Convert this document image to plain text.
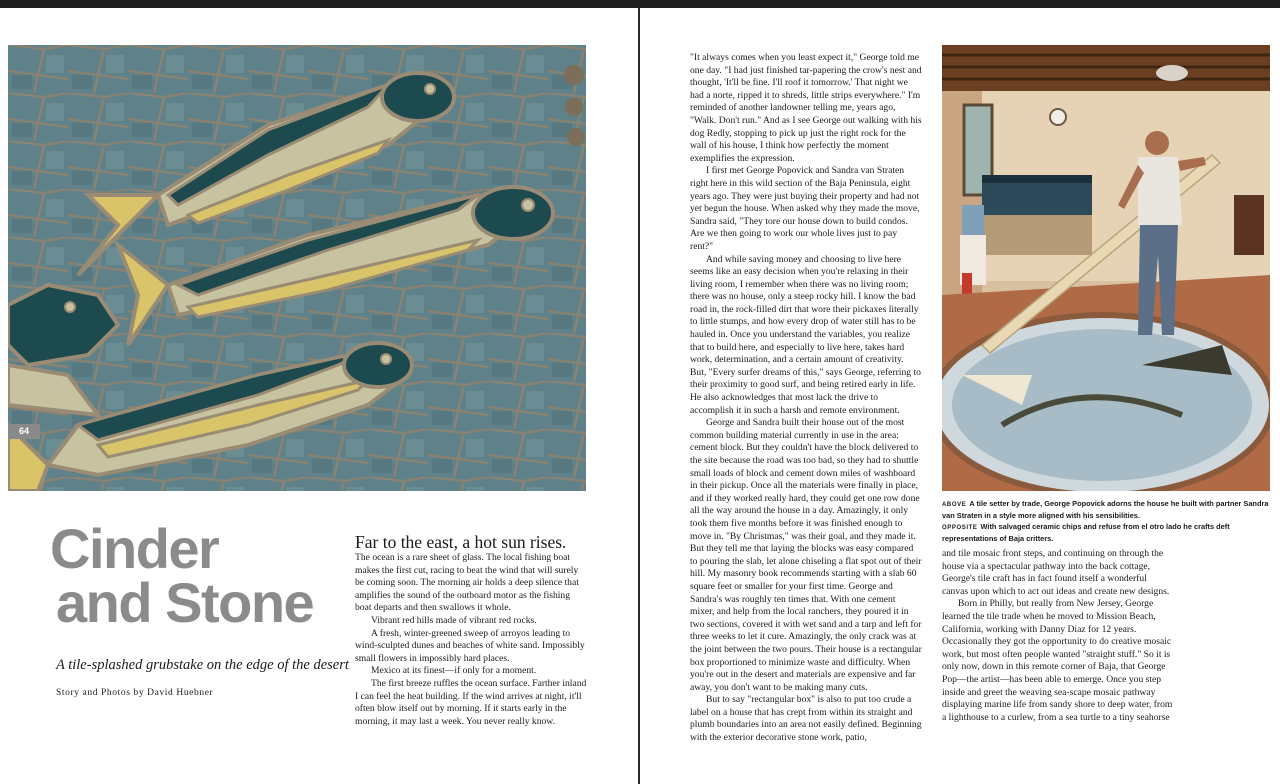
64
Cinder
and Stone

A tile-splashed grubstake on the edge of the desert

Story and Photos by David Huebner

Far to the east, a hot sun rises.

The ocean is a rare sheet of glass. The local fishing boat makes the first cut, racing to beat the wind that will surely be coming soon. The morning air holds a deep silence that amplifies the sound of the outboard motor as the fishing boat departs and then swallows it whole.

Vibrant red hills made of vibrant red rocks.

A fresh, winter-greened sweep of arroyos leading to wind-sculpted dunes and beaches of white sand. Impossibly small flowers in impossibly hard places.

Mexico at its finest—if only for a moment.

The first breeze ruffles the ocean surface. Farther inland I can feel the heat building. If the wind arrives at night, it'll often blow itself out by morning. If it starts early in the morning, it may last a week. You never really know.

"It always comes when you least expect it," George told me one day. "I had just finished tar-papering the crow's nest and thought, 'It'll be fine. I'll roof it tomorrow.' That night we had a norte, ripped it to shreds, little strips everywhere." I'm reminded of another landowner telling me, years ago, "Walk. Don't run." And as I see George out walking with his dog Redly, stopping to pick up just the right rock for the wall of his house, I think how perfectly the moment exemplifies the expression.

I first met George Popovick and Sandra van Straten right here in this wild section of the Baja Peninsula, eight years ago. They were just buying their property and had not yet begun the house. When asked why they made the move, Sandra said, "They tore our house down to build condos. Are we then going to work our whole lives just to pay rent?"

And while saving money and choosing to live here seems like an easy decision when you're relaxing in their living room, I remember when there was no living room; there was no house, only a steep rocky hill. I know the bad road in, the rock-filled dirt that wore their pickaxes literally to little stumps, and how every drop of water still has to be hauled in. Once you understand the variables, you realize that to build here, and especially to live here, takes hard work, determination, and a certain amount of creativity. But, "Every surfer dreams of this," says George, referring to their proximity to good surf, and being retired early in life. He also acknowledges that most lack the drive to accomplish it in such a harsh and remote environment.

George and Sandra built their house out of the most common building material currently in use in the area: cement block. But they couldn't have the block delivered to the site because the road was too bad, so they had to shuttle small loads of block and cement down miles of washboard in their pickup. Once all the materials were finally in place, and if they worked really hard, they could get one row done all the way around the house in a day. Amazingly, it only took them five months before it was finished enough to move in. "By Christmas," was their goal, and they made it. But they tell me that laying the blocks was easy compared to pouring the slab, let alone chiseling a flat spot out of their hill. My masonry book recommends starting with a slab 60 square feet or smaller for your first time. George and Sandra's was roughly ten times that. With one cement mixer, and help from the local ranchers, they poured it in two sections, covered it with wet sand and a tarp and left for three weeks to let it cure. Amazingly, the only crack was at the joint between the two pours. Their house is a rectangular box proportioned to minimize waste and difficulty. When you're out in the desert and materials are expensive and far away, you don't want to be making many cuts.

But to say "rectangular box" is also to put too crude a label on a house that has crept from within its straight and plumb boundaries into an area not easily defined. Beginning with the exterior decorative stone work, patio,

ABOVE A tile setter by trade, George Popovick adorns the house he built with partner Sandra van Straten in a style more aligned with his sensibilities.

OPPOSITE With salvaged ceramic chips and refuse from el otro lado he crafts deft representations of Baja critters.

and tile mosaic front steps, and continuing on through the house via a spectacular pathway into the back cottage, George's tile craft has in fact found itself a wonderful canvas upon which to act out ideas and create new designs.

Born in Philly, but really from New Jersey, George learned the tile trade when he moved to Mission Beach, California, working with Danny Diaz for 12 years. Occasionally they got the opportunity to do creative mosaic work, but most often people wanted "straight stuff." So it is only now, down in this remote corner of Baja, that George Pop—the artist—has been able to emerge. Once you step inside and greet the weaving sea-scape mosaic pathway displaying marine life from sandy shore to deep water, from a lighthouse to a curlew, from a sea turtle to a tiny seahorse
